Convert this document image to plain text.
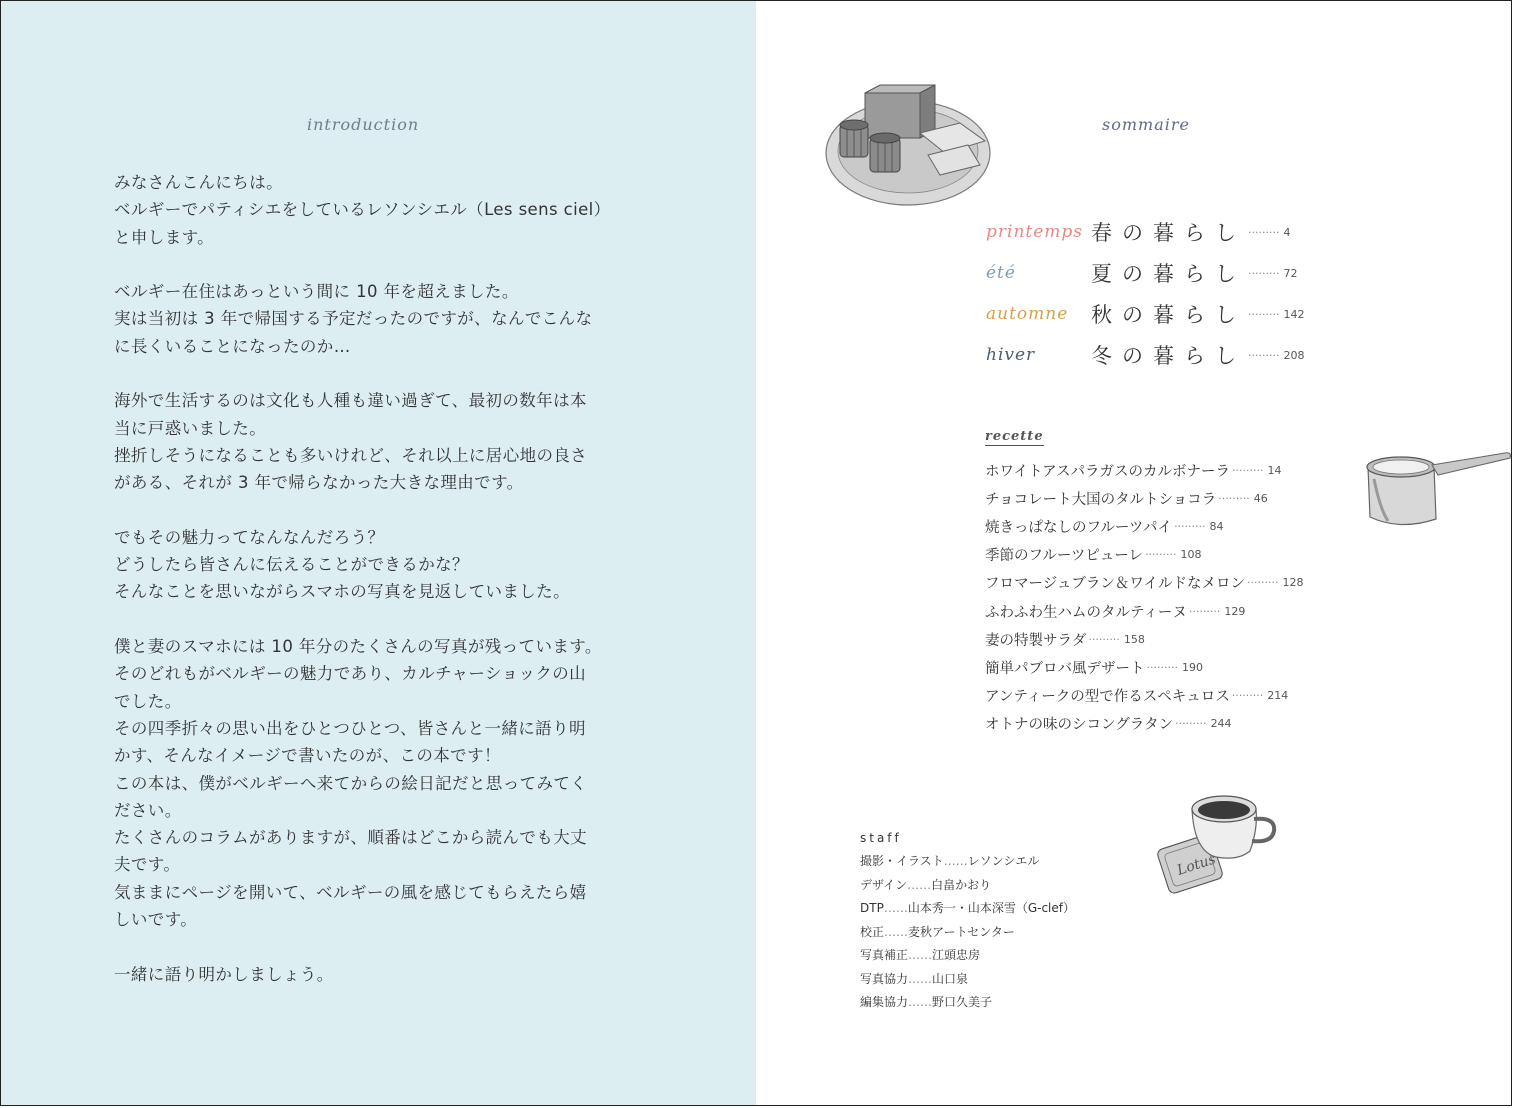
introduction

みなさんこんにちは。

ベルギーでパティシエをしているレソンシエル（Les sens ciel）

と申します。

ベルギー在住はあっという間に 10 年を超えました。

実は当初は 3 年で帰国する予定だったのですが、なんでこんな

に長くいることになったのか…

海外で生活するのは文化も人種も違い過ぎて、最初の数年は本

当に戸惑いました。

挫折しそうになることも多いけれど、それ以上に居心地の良さ

がある、それが 3 年で帰らなかった大きな理由です。

でもその魅力ってなんなんだろう？

どうしたら皆さんに伝えることができるかな？

そんなことを思いながらスマホの写真を見返していました。

僕と妻のスマホには 10 年分のたくさんの写真が残っています。

そのどれもがベルギーの魅力であり、カルチャーショックの山

でした。

その四季折々の思い出をひとつひとつ、皆さんと一緒に語り明

かす、そんなイメージで書いたのが、この本です！

この本は、僕がベルギーへ来てからの絵日記だと思ってみてく

ださい。

たくさんのコラムがありますが、順番はどこから読んでも大丈

夫です。

気ままにページを開いて、ベルギーの風を感じてもらえたら嬉

しいです。

一緒に語り明かしましょう。

sommaire
printemps 春の暮らし ········· 4
été	夏の暮らし ········· 72
automne	秋の暮らし ········· 142
hiver	冬の暮らし ········· 208
recette
ホワイトアスパラガスのカルボナーラ ········· 14
チョコレート大国のタルトショコラ ········· 46
焼きっぱなしのフルーツパイ ········· 84
季節のフルーツピューレ ········· 108
フロマージュブラン＆ワイルドなメロン ········· 128
ふわふわ生ハムのタルティーヌ ········· 129
妻の特製サラダ ········· 158
簡単パブロバ風デザート ········· 190
アンティークの型で作るスペキュロス ········· 214
オトナの味のシコングラタン ········· 244
Lotus
staff
撮影・イラスト……レソンシエル
デザイン……白畠かおり
DTP……山本秀一・山本深雪（G-clef）
校正……麦秋アートセンター
写真補正……江頭忠房
写真協力……山口泉
編集協力……野口久美子
